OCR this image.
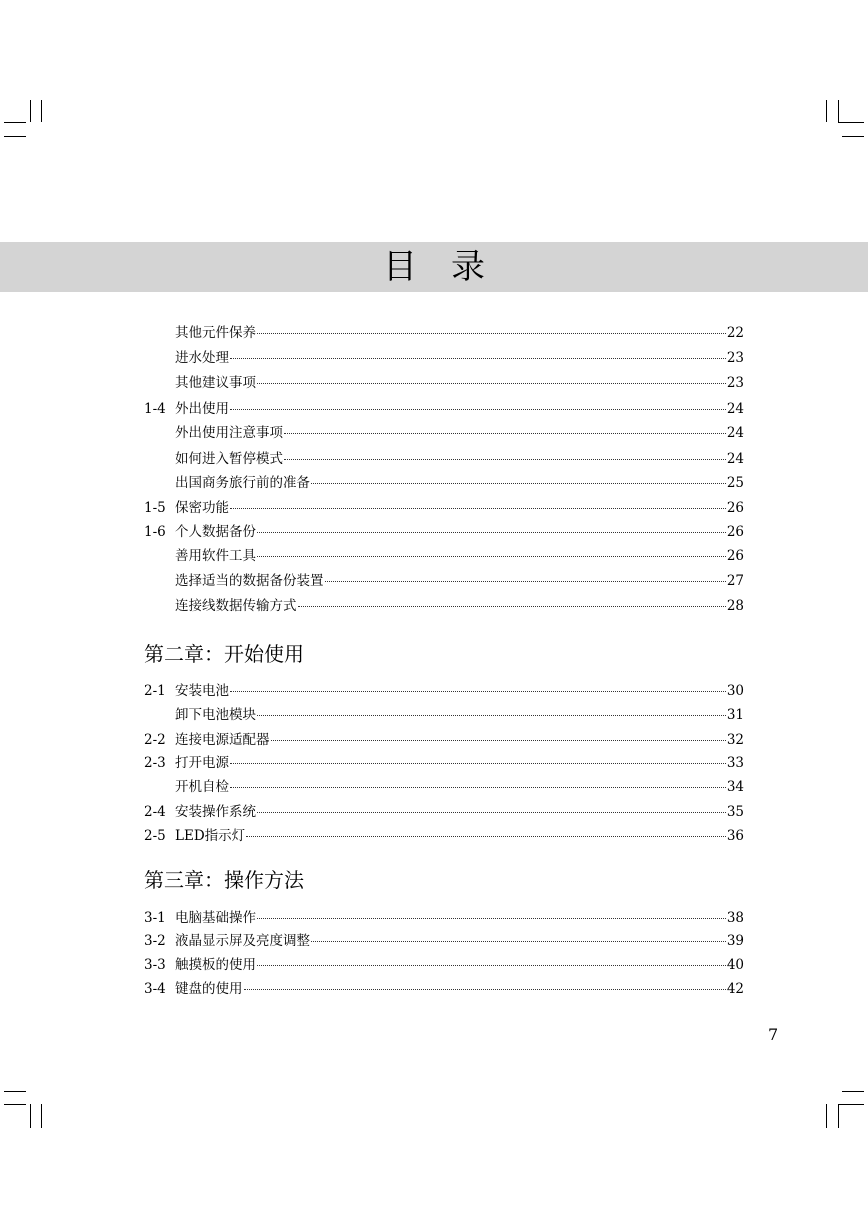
目　录
其他元件保养	22
进水处理	23
其他建议事项	23
1-4 外出使用	24
外出使用注意事项	24
如何进入暂停模式	24
出国商务旅行前的准备	25
1-5 保密功能	26
1-6 个人数据备份	26
善用软件工具	26
选择适当的数据备份装置	27
连接线数据传输方式	28
第二章：开始使用
2-1 安装电池	30
卸下电池模块	31
2-2 连接电源适配器	32
2-3 打开电源	33
开机自检	34
2-4 安装操作系统	35
2-5 LED指示灯	36
第三章：操作方法
3-1 电脑基础操作	38
3-2 液晶显示屏及亮度调整	39
3-3 触摸板的使用	40
3-4 键盘的使用	42
7
